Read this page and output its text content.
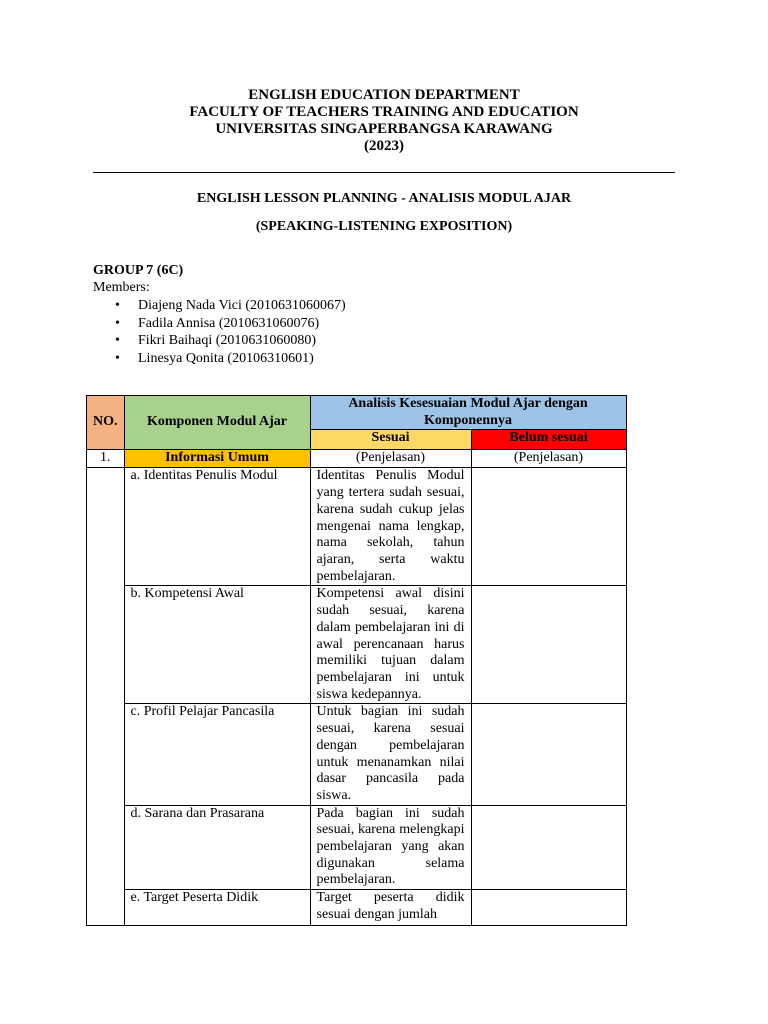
ENGLISH EDUCATION DEPARTMENT
FACULTY OF TEACHERS TRAINING AND EDUCATION
UNIVERSITAS SINGAPERBANGSA KARAWANG
(2023)
ENGLISH LESSON PLANNING - ANALISIS MODUL AJAR
(SPEAKING-LISTENING EXPOSITION)
GROUP 7 (6C)
Members:
• Diajeng Nada Vici (2010631060067)
• Fadila Annisa (2010631060076)
• Fikri Baihaqi (2010631060080)
• Linesya Qonita (20106310601)
NO.	Komponen Modul Ajar	Analisis Kesesuaian Modul Ajar dengan Komponennya	
		Sesuai	Belum sesuai
1.	Informasi Umum	(Penjelasan)	(Penjelasan)
	a. Identitas Penulis Modul	Identitas Penulis Modul yang tertera sudah sesuai, karena sudah cukup jelas mengenai nama lengkap, nama sekolah, tahun ajaran, serta waktu pembelajaran.	
	b. Kompetensi Awal	Kompetensi awal disini sudah sesuai, karena dalam pembelajaran ini di awal perencanaan harus memiliki tujuan dalam pembelajaran ini untuk siswa kedepannya.	
	c. Profil Pelajar Pancasila	Untuk bagian ini sudah sesuai, karena sesuai dengan pembelajaran untuk menanamkan nilai dasar pancasila pada siswa.	
	d. Sarana dan Prasarana	Pada bagian ini sudah sesuai, karena melengkapi pembelajaran yang akan digunakan selama pembelajaran.	
	e. Target Peserta Didik	Target peserta didik sesuai dengan jumlah	
